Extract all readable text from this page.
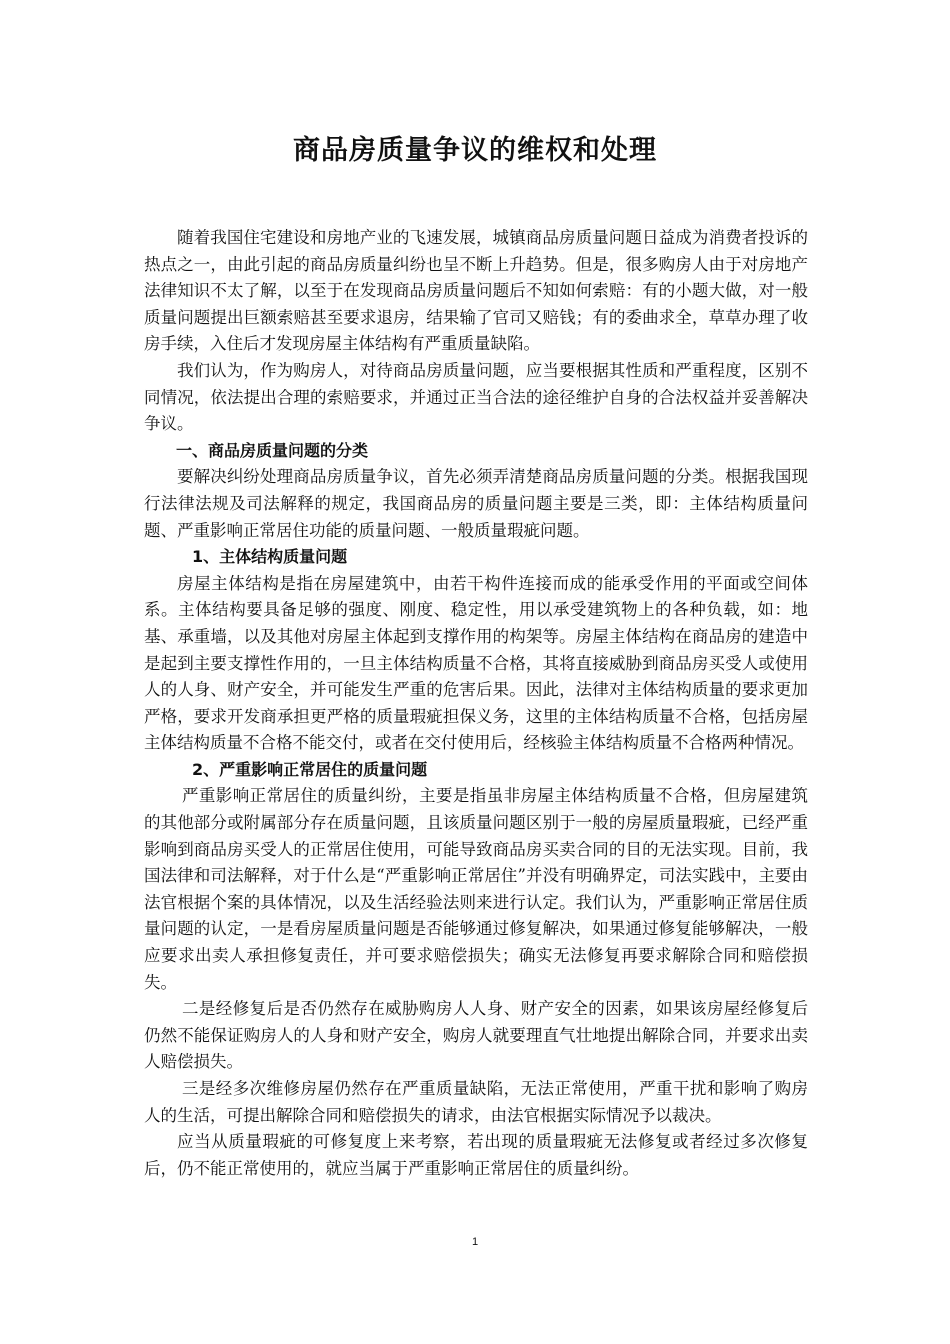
商品房质量争议的维权和处理

随着我国住宅建设和房地产业的飞速发展，城镇商品房质量问题日益成为消费者投诉的热点之一，由此引起的商品房质量纠纷也呈不断上升趋势。但是，很多购房人由于对房地产法律知识不太了解，以至于在发现商品房质量问题后不知如何索赔：有的小题大做，对一般质量问题提出巨额索赔甚至要求退房，结果输了官司又赔钱；有的委曲求全，草草办理了收房手续，入住后才发现房屋主体结构有严重质量缺陷。

我们认为，作为购房人，对待商品房质量问题，应当要根据其性质和严重程度，区别不同情况，依法提出合理的索赔要求，并通过正当合法的途径维护自身的合法权益并妥善解决争议。

一、商品房质量问题的分类

要解决纠纷处理商品房质量争议，首先必须弄清楚商品房质量问题的分类。根据我国现行法律法规及司法解释的规定，我国商品房的质量问题主要是三类，即：主体结构质量问题、严重影响正常居住功能的质量问题、一般质量瑕疵问题。

1、主体结构质量问题

房屋主体结构是指在房屋建筑中，由若干构件连接而成的能承受作用的平面或空间体系。主体结构要具备足够的强度、刚度、稳定性，用以承受建筑物上的各种负载，如：地基、承重墙，以及其他对房屋主体起到支撑作用的构架等。房屋主体结构在商品房的建造中是起到主要支撑性作用的，一旦主体结构质量不合格，其将直接威胁到商品房买受人或使用人的人身、财产安全，并可能发生严重的危害后果。因此，法律对主体结构质量的要求更加严格，要求开发商承担更严格的质量瑕疵担保义务，这里的主体结构质量不合格，包括房屋主体结构质量不合格不能交付，或者在交付使用后，经核验主体结构质量不合格两种情况。

2、严重影响正常居住的质量问题

严重影响正常居住的质量纠纷，主要是指虽非房屋主体结构质量不合格，但房屋建筑的其他部分或附属部分存在质量问题，且该质量问题区别于一般的房屋质量瑕疵，已经严重影响到商品房买受人的正常居住使用，可能导致商品房买卖合同的目的无法实现。目前，我国法律和司法解释，对于什么是“严重影响正常居住”并没有明确界定，司法实践中，主要由法官根据个案的具体情况，以及生活经验法则来进行认定。我们认为，严重影响正常居住质量问题的认定，一是看房屋质量问题是否能够通过修复解决，如果通过修复能够解决，一般应要求出卖人承担修复责任，并可要求赔偿损失；确实无法修复再要求解除合同和赔偿损失。

二是经修复后是否仍然存在威胁购房人人身、财产安全的因素，如果该房屋经修复后仍然不能保证购房人的人身和财产安全，购房人就要理直气壮地提出解除合同，并要求出卖人赔偿损失。

三是经多次维修房屋仍然存在严重质量缺陷，无法正常使用，严重干扰和影响了购房人的生活，可提出解除合同和赔偿损失的请求，由法官根据实际情况予以裁决。

应当从质量瑕疵的可修复度上来考察，若出现的质量瑕疵无法修复或者经过多次修复后，仍不能正常使用的，就应当属于严重影响正常居住的质量纠纷。

1
